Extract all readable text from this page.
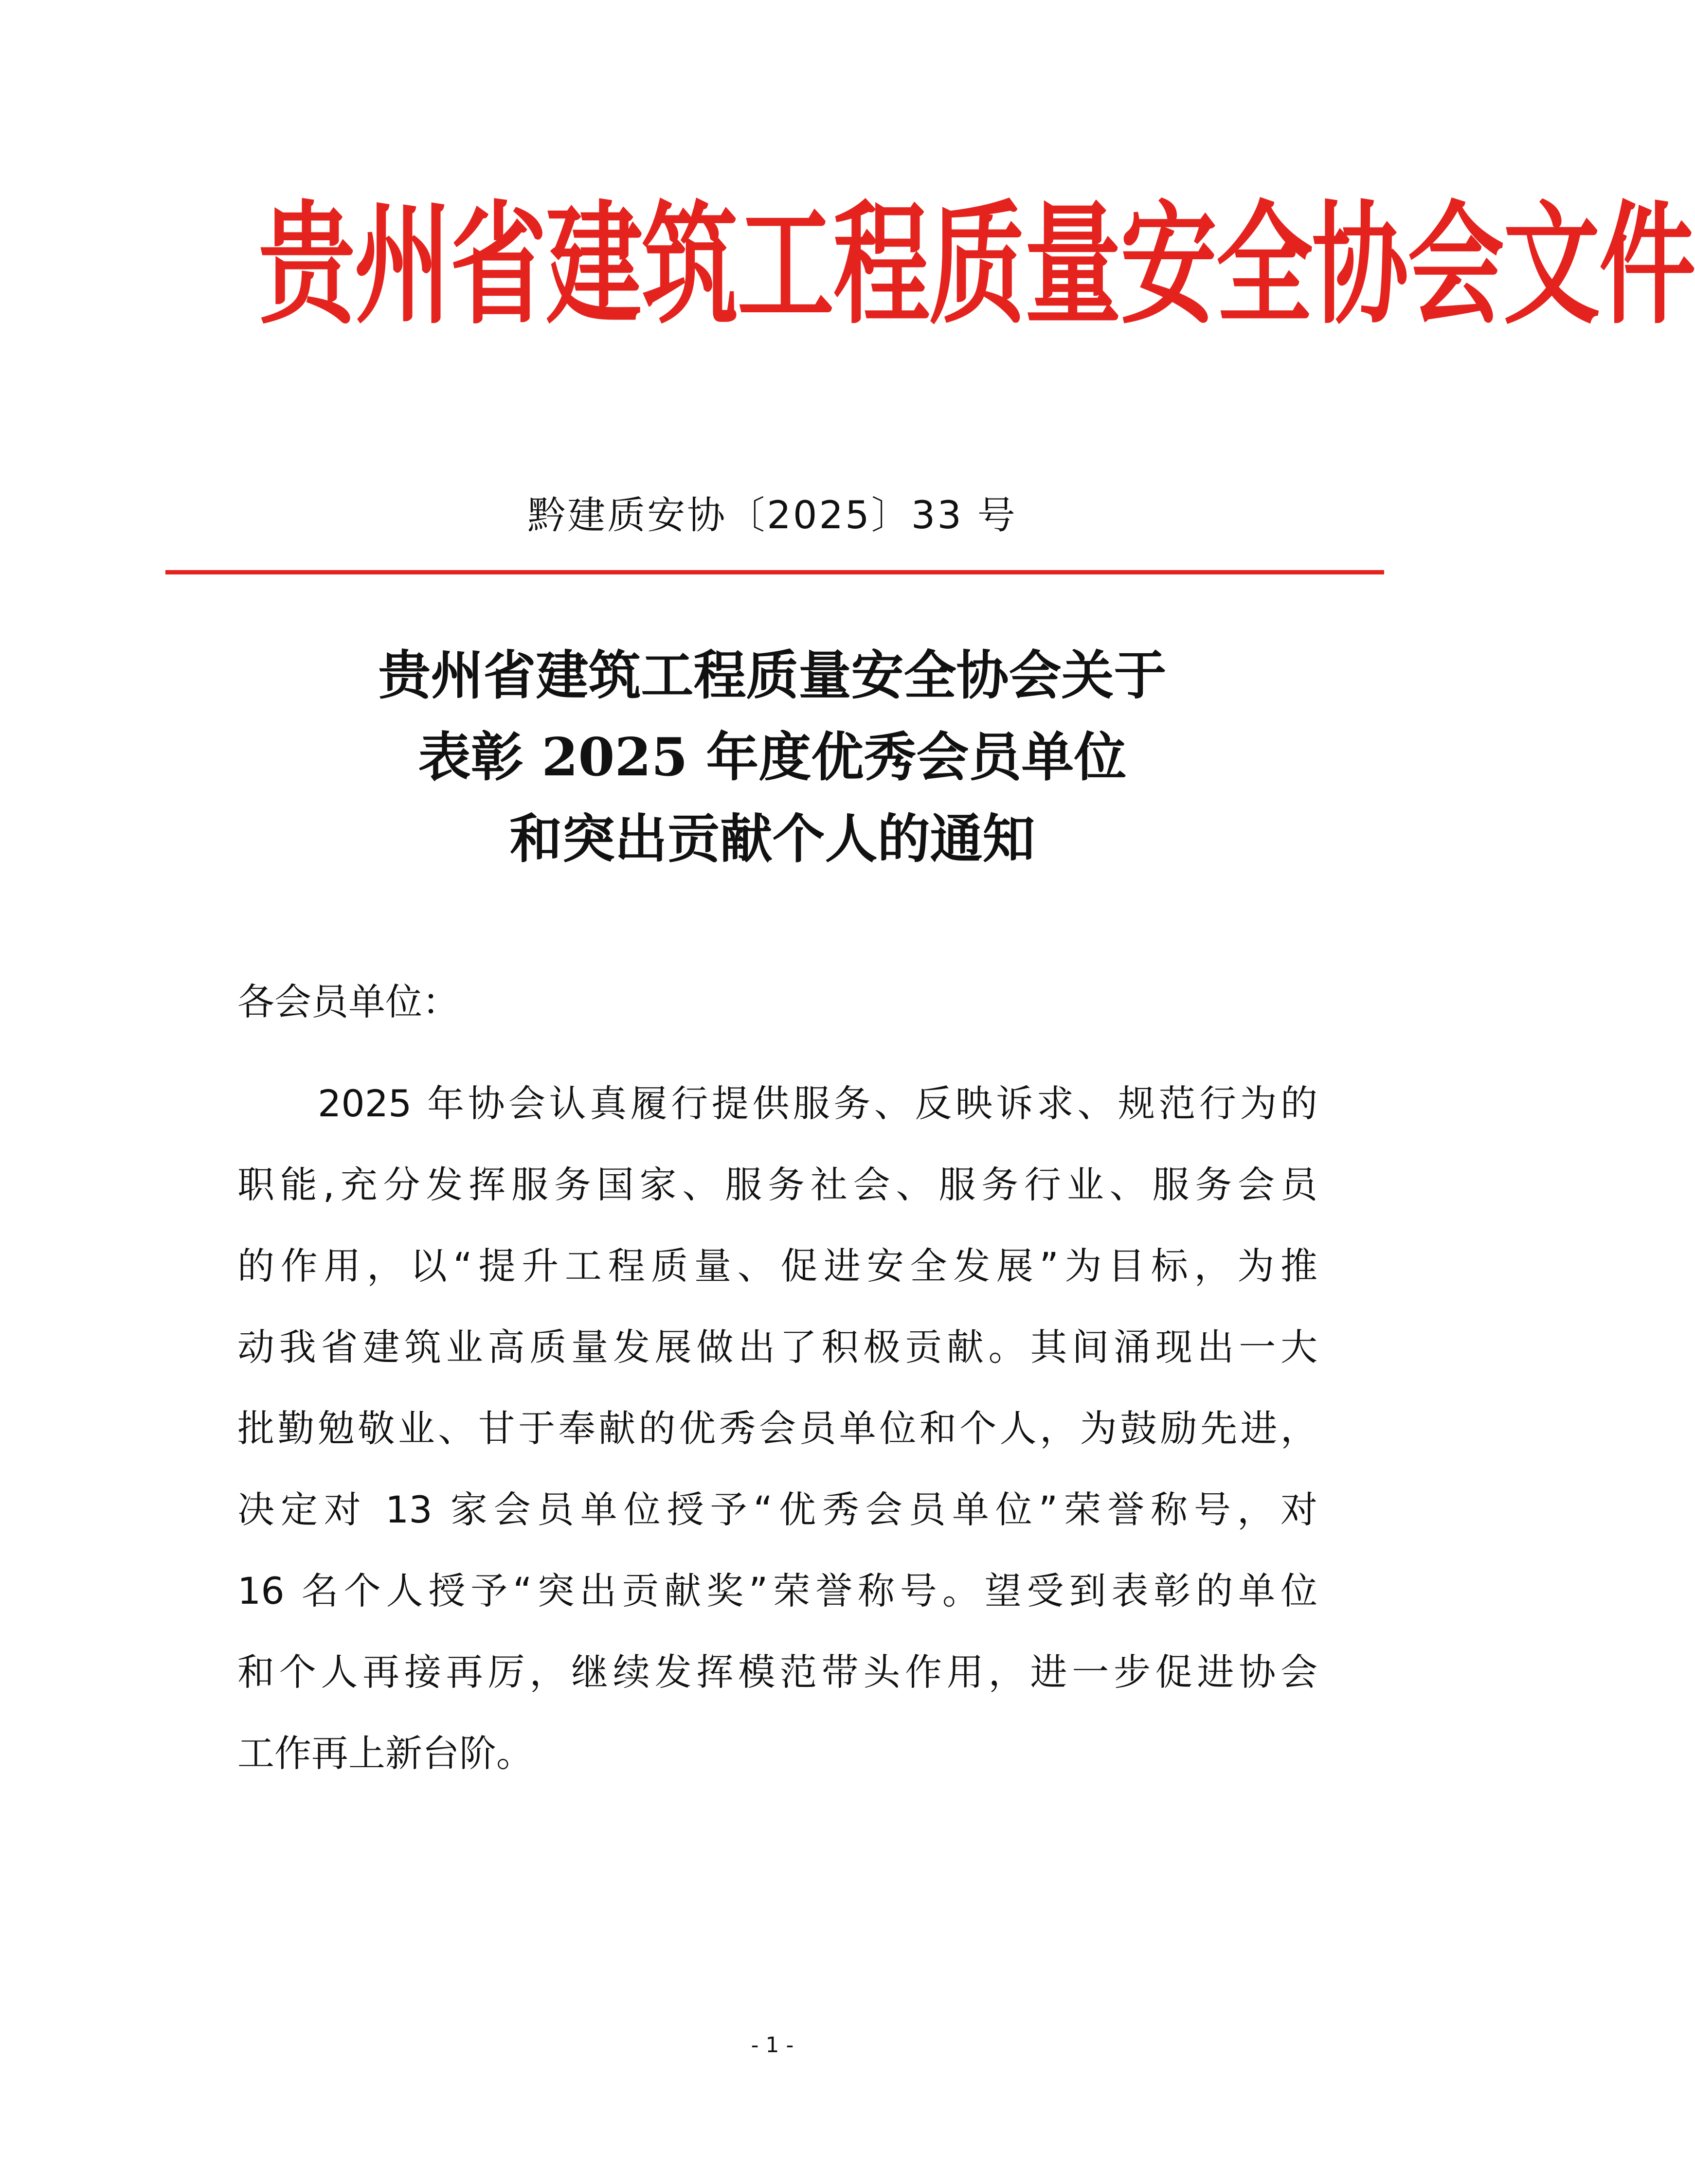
贵州省建筑工程质量安全协会文件
黔建质安协〔2025〕33 号
贵州省建筑工程质量安全协会关于
表彰 2025 年度优秀会员单位
和突出贡献个人的通知
各会员单位：
2025 年协会认真履行提供服务、反映诉求、规范行为的
职能,充分发挥服务国家、服务社会、服务行业、服务会员
的作用，以“提升工程质量、促进安全发展”为目标，为推
动我省建筑业高质量发展做出了积极贡献。其间涌现出一大
批勤勉敬业、甘于奉献的优秀会员单位和个人，为鼓励先进，
决定对 13 家会员单位授予“优秀会员单位”荣誉称号，对
16 名个人授予“突出贡献奖”荣誉称号。望受到表彰的单位
和个人再接再厉，继续发挥模范带头作用，进一步促进协会
工作再上新台阶。
- 1 -
